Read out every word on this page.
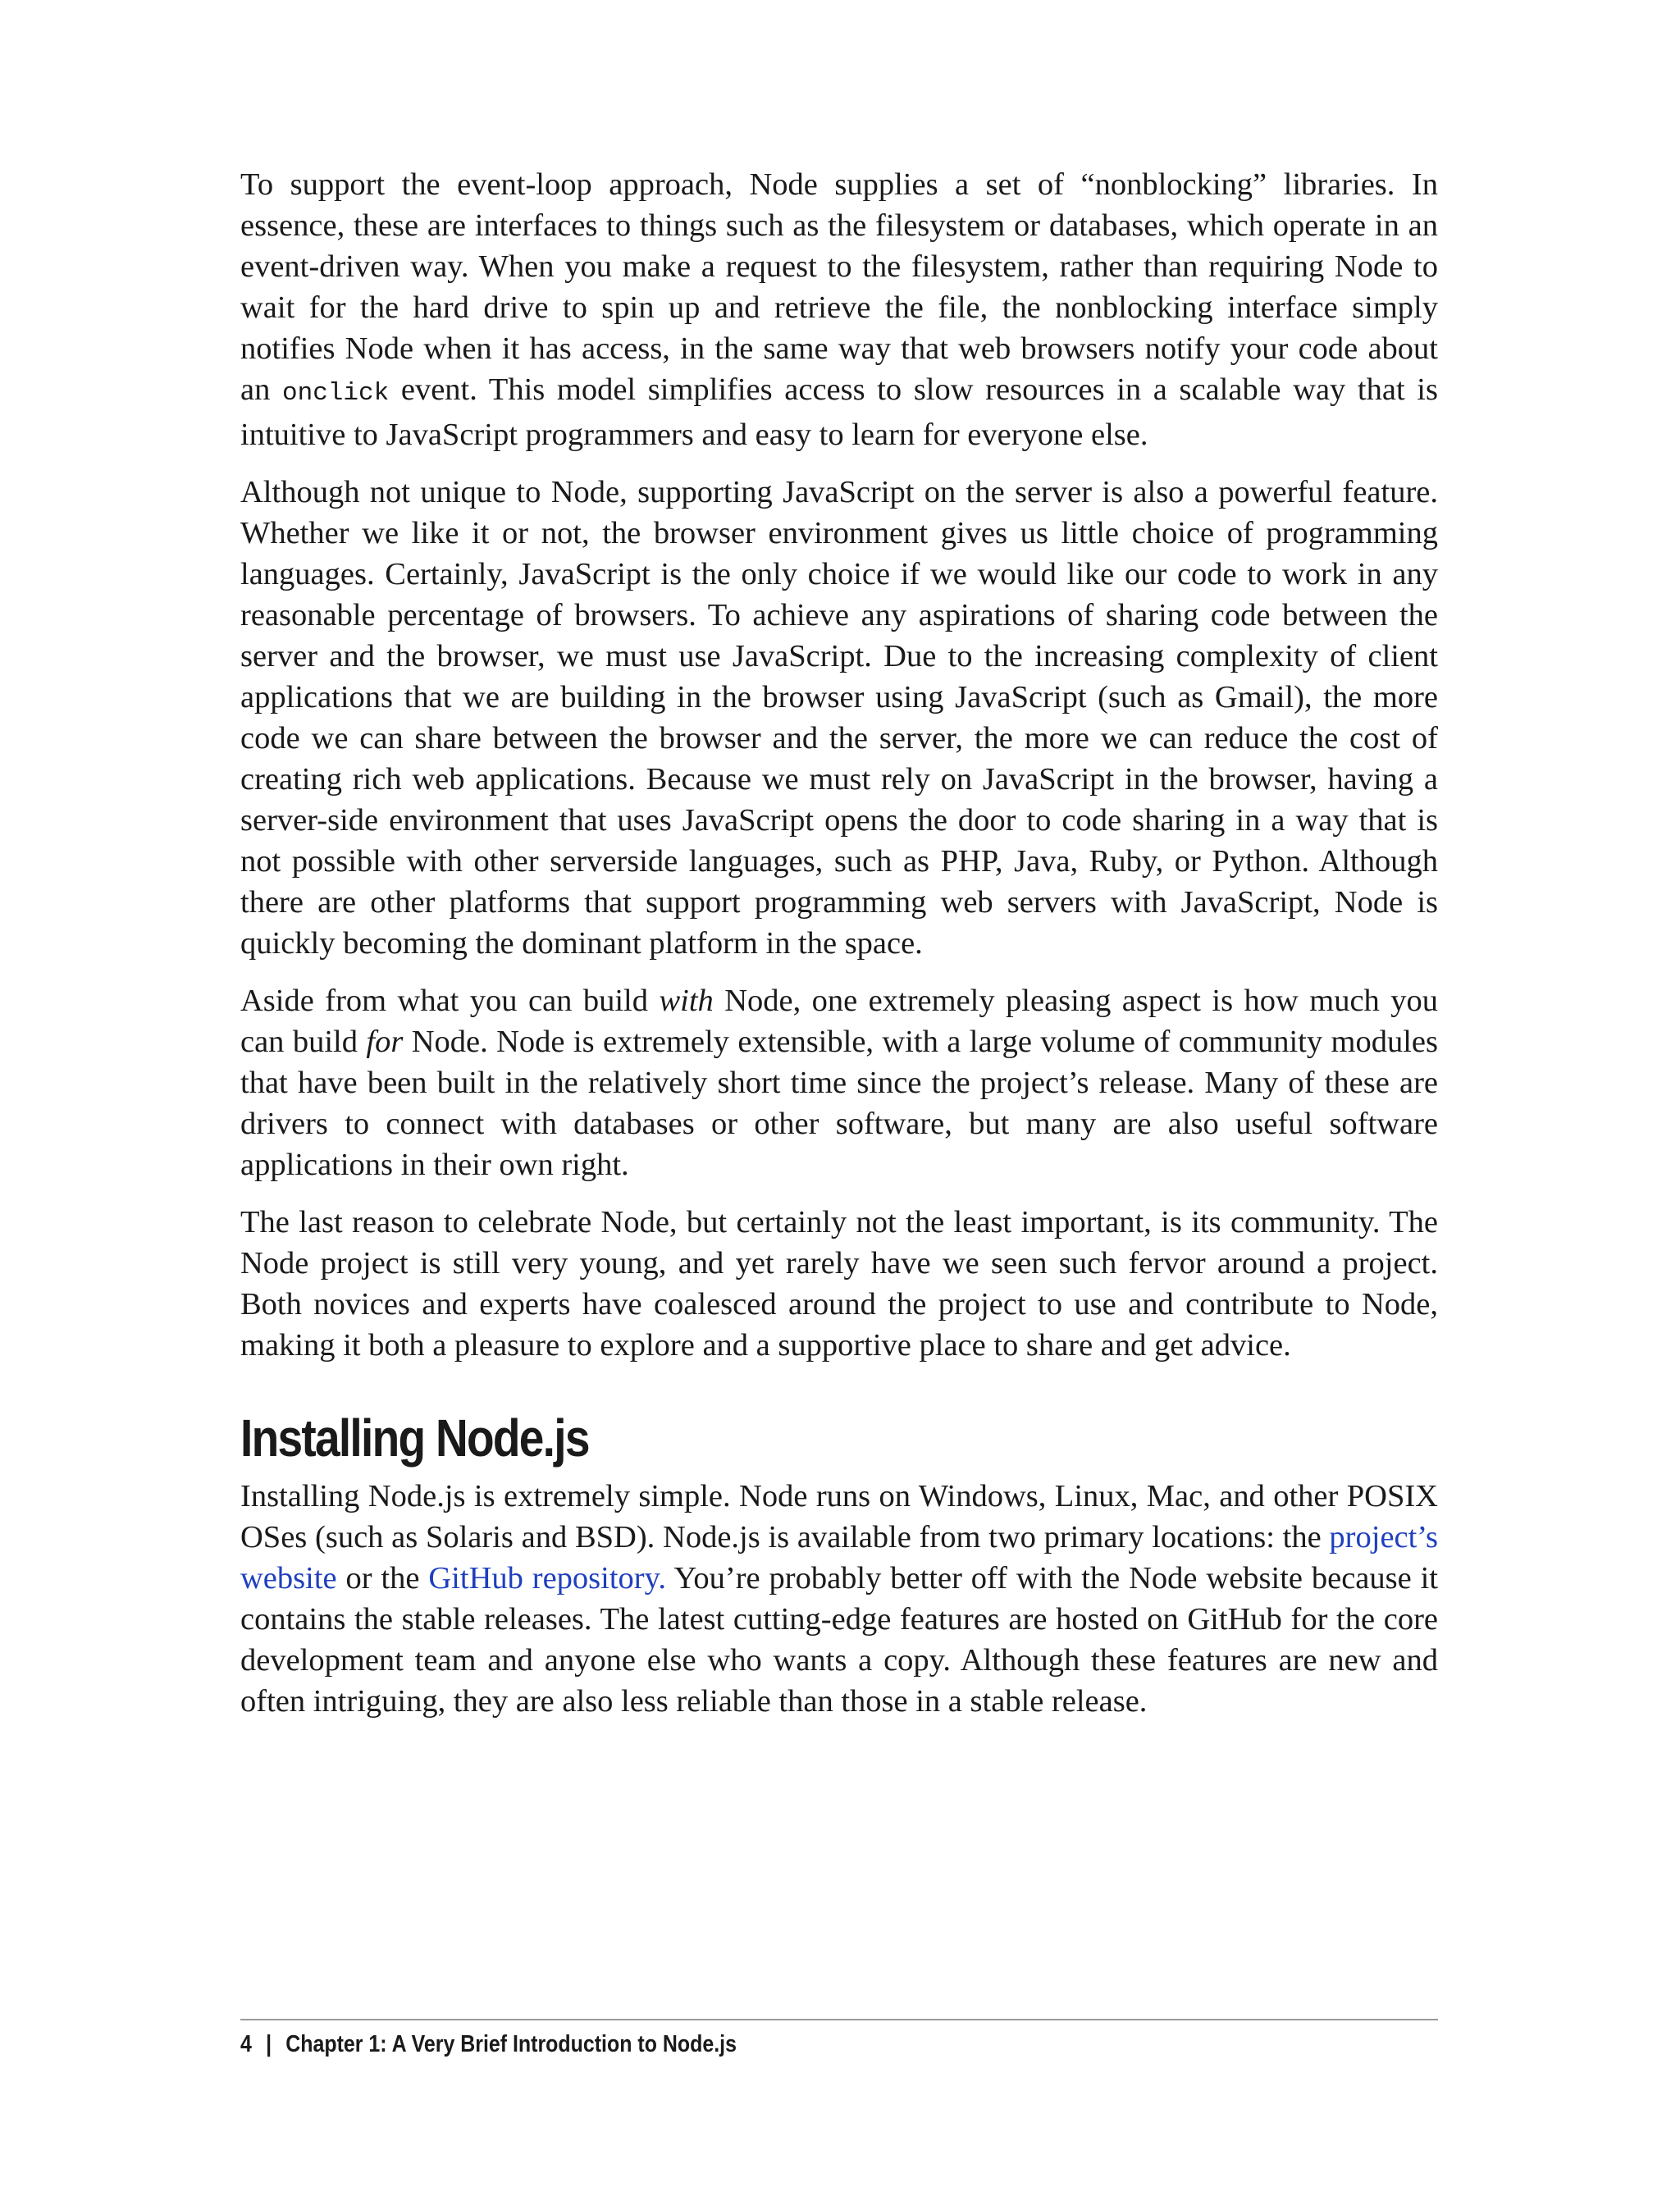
To support the event-loop approach, Node supplies a set of “nonblocking” libraries. In essence, these are interfaces to things such as the filesystem or databases, which operate in an event-driven way. When you make a request to the filesystem, rather than requiring Node to wait for the hard drive to spin up and retrieve the file, the nonblocking interface simply notifies Node when it has access, in the same way that web browsers notify your code about an onclick event. This model simplifies access to slow resources in a scalable way that is intuitive to JavaScript programmers and easy to learn for everyone else.

Although not unique to Node, supporting JavaScript on the server is also a powerful feature. Whether we like it or not, the browser environment gives us little choice of programming languages. Certainly, JavaScript is the only choice if we would like our code to work in any reasonable percentage of browsers. To achieve any aspirations of sharing code between the server and the browser, we must use JavaScript. Due to the increasing complexity of client applications that we are building in the browser using JavaScript (such as Gmail), the more code we can share between the browser and the server, the more we can reduce the cost of creating rich web applications. Because we must rely on JavaScript in the browser, having a server-side environment that uses JavaScript opens the door to code sharing in a way that is not possible with other serverside languages, such as PHP, Java, Ruby, or Python. Although there are other platforms that support programming web servers with JavaScript, Node is quickly becoming the dominant platform in the space.

Aside from what you can build with Node, one extremely pleasing aspect is how much you can build for Node. Node is extremely extensible, with a large volume of community modules that have been built in the relatively short time since the project’s release. Many of these are drivers to connect with databases or other software, but many are also useful software applications in their own right.

The last reason to celebrate Node, but certainly not the least important, is its community. The Node project is still very young, and yet rarely have we seen such fervor around a project. Both novices and experts have coalesced around the project to use and contribute to Node, making it both a pleasure to explore and a supportive place to share and get advice.

Installing Node.js

Installing Node.js is extremely simple. Node runs on Windows, Linux, Mac, and other POSIX OSes (such as Solaris and BSD). Node.js is available from two primary locations: the project’s website or the GitHub repository. You’re probably better off with the Node website because it contains the stable releases. The latest cutting-edge features are hosted on GitHub for the core development team and anyone else who wants a copy. Although these features are new and often intriguing, they are also less reliable than those in a stable release.

4 | Chapter 1: A Very Brief Introduction to Node.js
